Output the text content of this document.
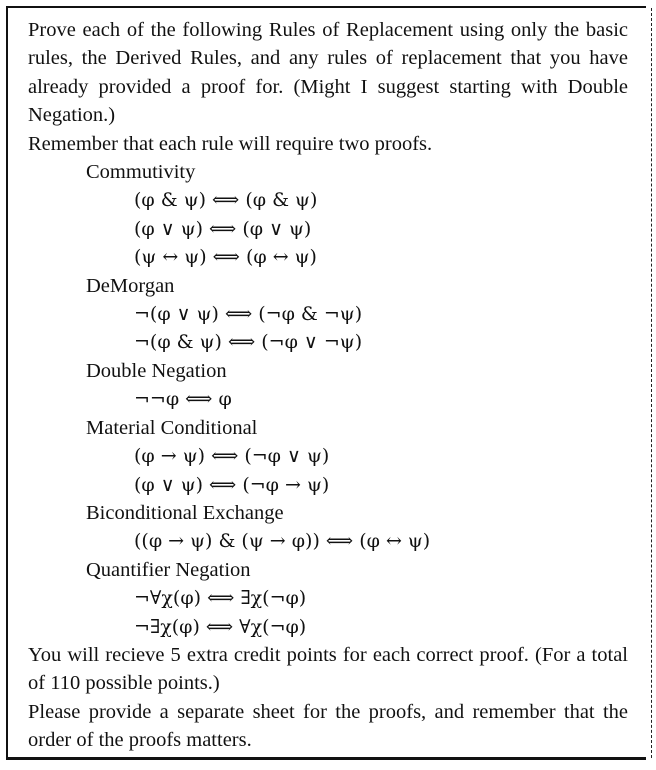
Prove each of the following Rules of Replacement using only the basic rules, the Derived Rules, and any rules of replacement that you have already provided a proof for. (Might I suggest starting with Double Negation.)

Remember that each rule will require two proofs.

Commutivity
(φ & ψ) ⟺ (φ & ψ)
(φ ∨ ψ) ⟺ (φ ∨ ψ)
(ψ ↔ ψ) ⟺ (φ ↔ ψ)
DeMorgan
¬(φ ∨ ψ) ⟺ (¬φ & ¬ψ)
¬(φ & ψ) ⟺ (¬φ ∨ ¬ψ)
Double Negation
¬¬φ ⟺ φ
Material Conditional
(φ → ψ) ⟺ (¬φ ∨ ψ)
(φ ∨ ψ) ⟺ (¬φ → ψ)
Biconditional Exchange
((φ → ψ) & (ψ → φ)) ⟺ (φ ↔ ψ)
Quantifier Negation
¬∀χ(φ) ⟺ ∃χ(¬φ)
¬∃χ(φ) ⟺ ∀χ(¬φ)

You will recieve 5 extra credit points for each correct proof. (For a total of 110 possible points.)

Please provide a separate sheet for the proofs, and remember that the order of the proofs matters.
